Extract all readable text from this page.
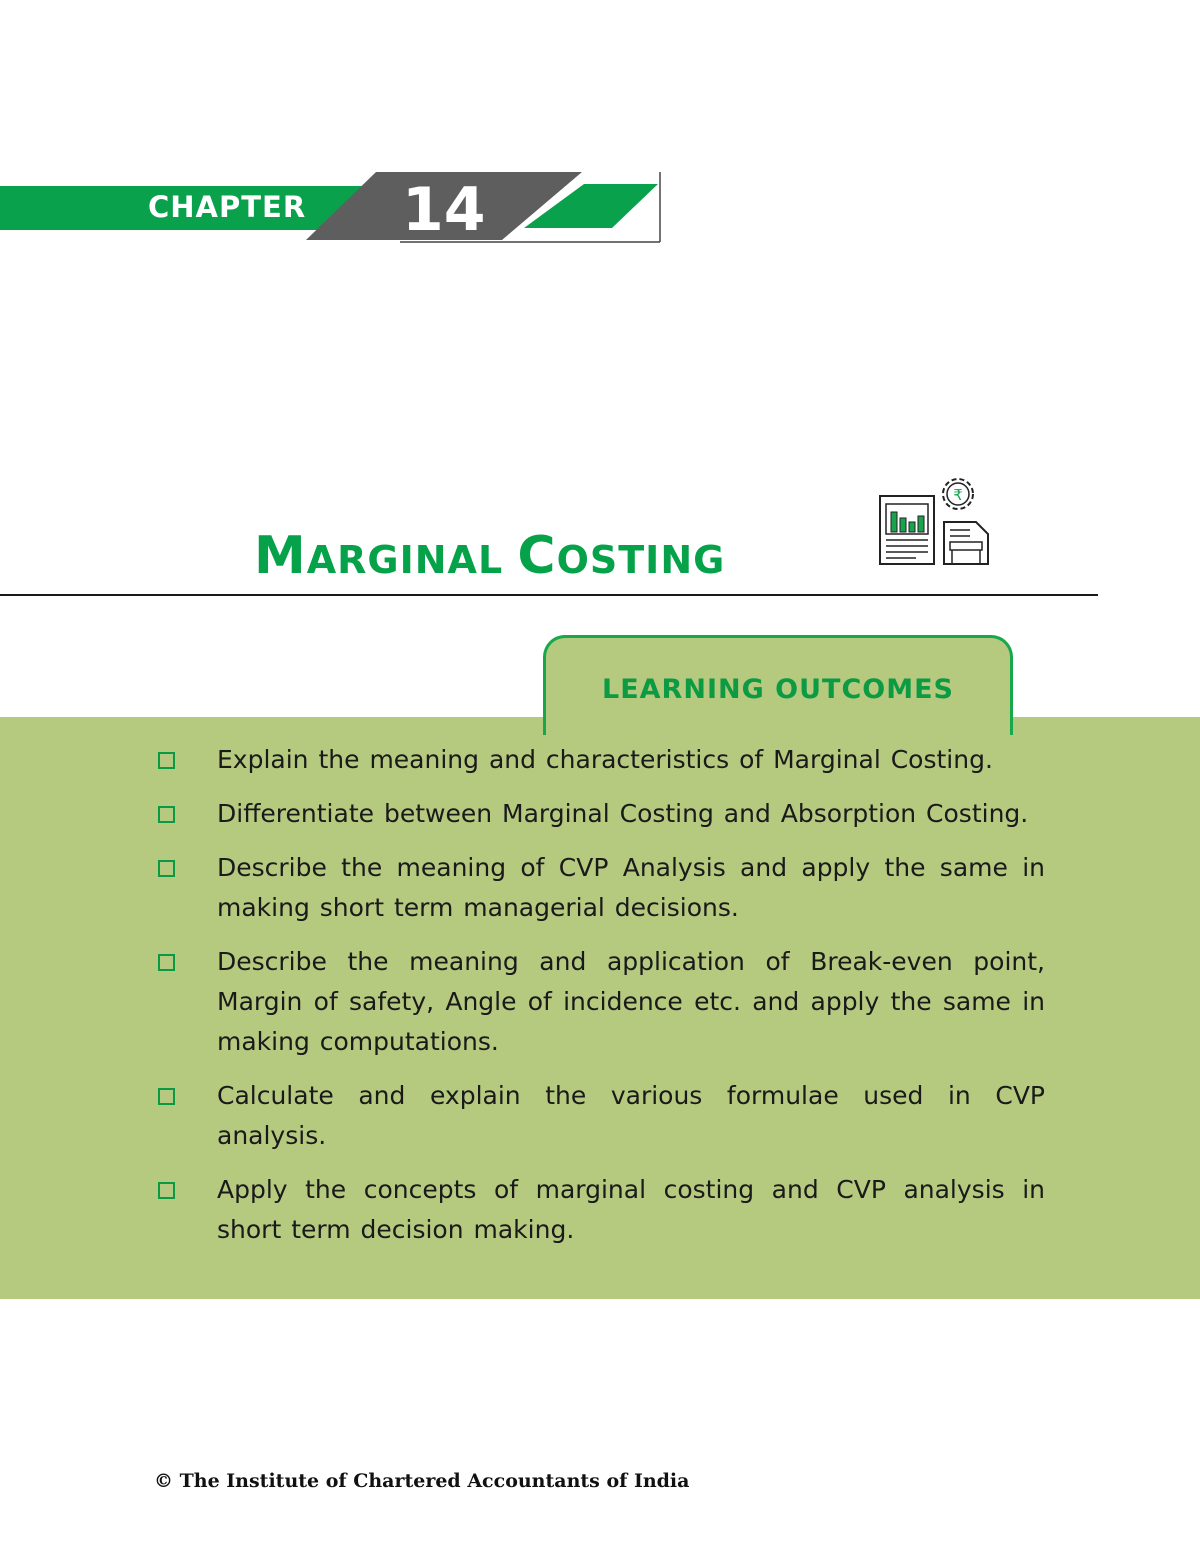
CHAPTER 14
MARGINAL COSTING
₹
LEARNING OUTCOMES
Explain the meaning and characteristics of Marginal Costing.
Differentiate between Marginal Costing and Absorption Costing.
Describe the meaning of CVP Analysis and apply the same in making short term managerial decisions.
Describe the meaning and application of Break-even point, Margin of safety, Angle of incidence etc. and apply the same in making computations.
Calculate and explain the various formulae used in CVP analysis.
Apply the concepts of marginal costing and CVP analysis in short term decision making.
© The Institute of Chartered Accountants of India
